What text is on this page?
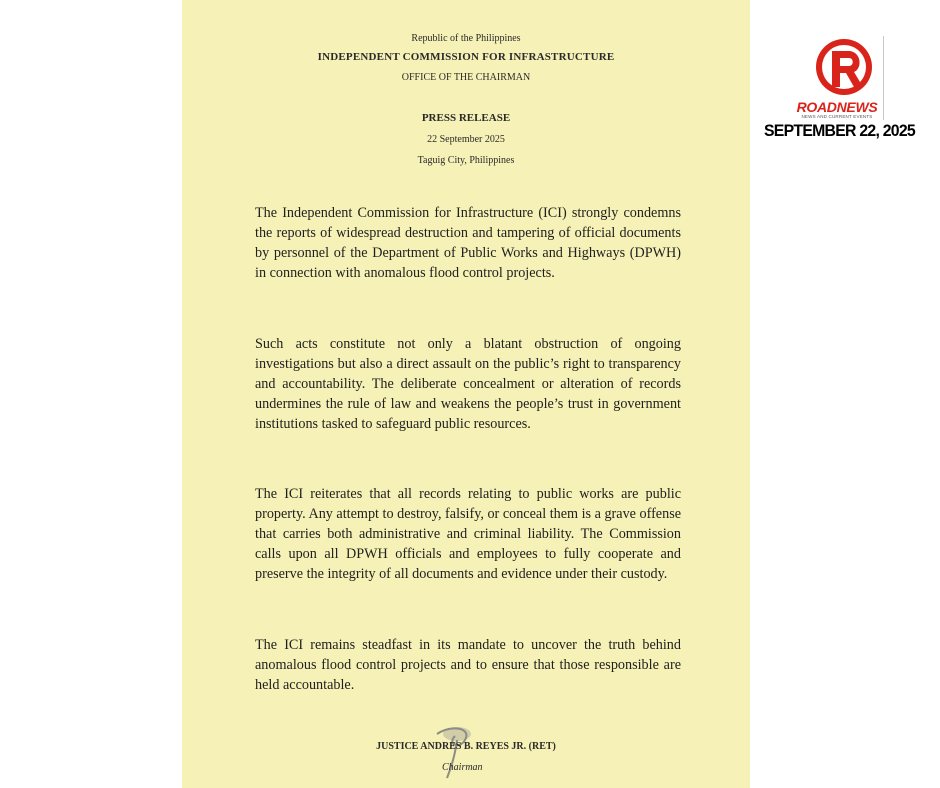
Republic of the Philippines
INDEPENDENT COMMISSION FOR INFRASTRUCTURE
OFFICE OF THE CHAIRMAN
PRESS RELEASE
22 September 2025
Taguig City, Philippines

The Independent Commission for Infrastructure (ICI) strongly condemns the reports of widespread destruction and tampering of official documents by personnel of the Department of Public Works and Highways (DPWH) in connection with anomalous flood control projects.

Such acts constitute not only a blatant obstruction of ongoing investigations but also a direct assault on the public’s right to transparency and accountability. The deliberate concealment or alteration of records undermines the rule of law and weakens the people’s trust in government institutions tasked to safeguard public resources.

The ICI reiterates that all records relating to public works are public property. Any attempt to destroy, falsify, or conceal them is a grave offense that carries both administrative and criminal liability. The Commission calls upon all DPWH officials and employees to fully cooperate and preserve the integrity of all documents and evidence under their custody.

The ICI remains steadfast in its mandate to uncover the truth behind anomalous flood control projects and to ensure that those responsible are held accountable.

JUSTICE ANDRES B. REYES JR. (RET)
Chairman
ROADNEWS
NEWS AND CURRENT EVENTS
SEPTEMBER 22, 2025
